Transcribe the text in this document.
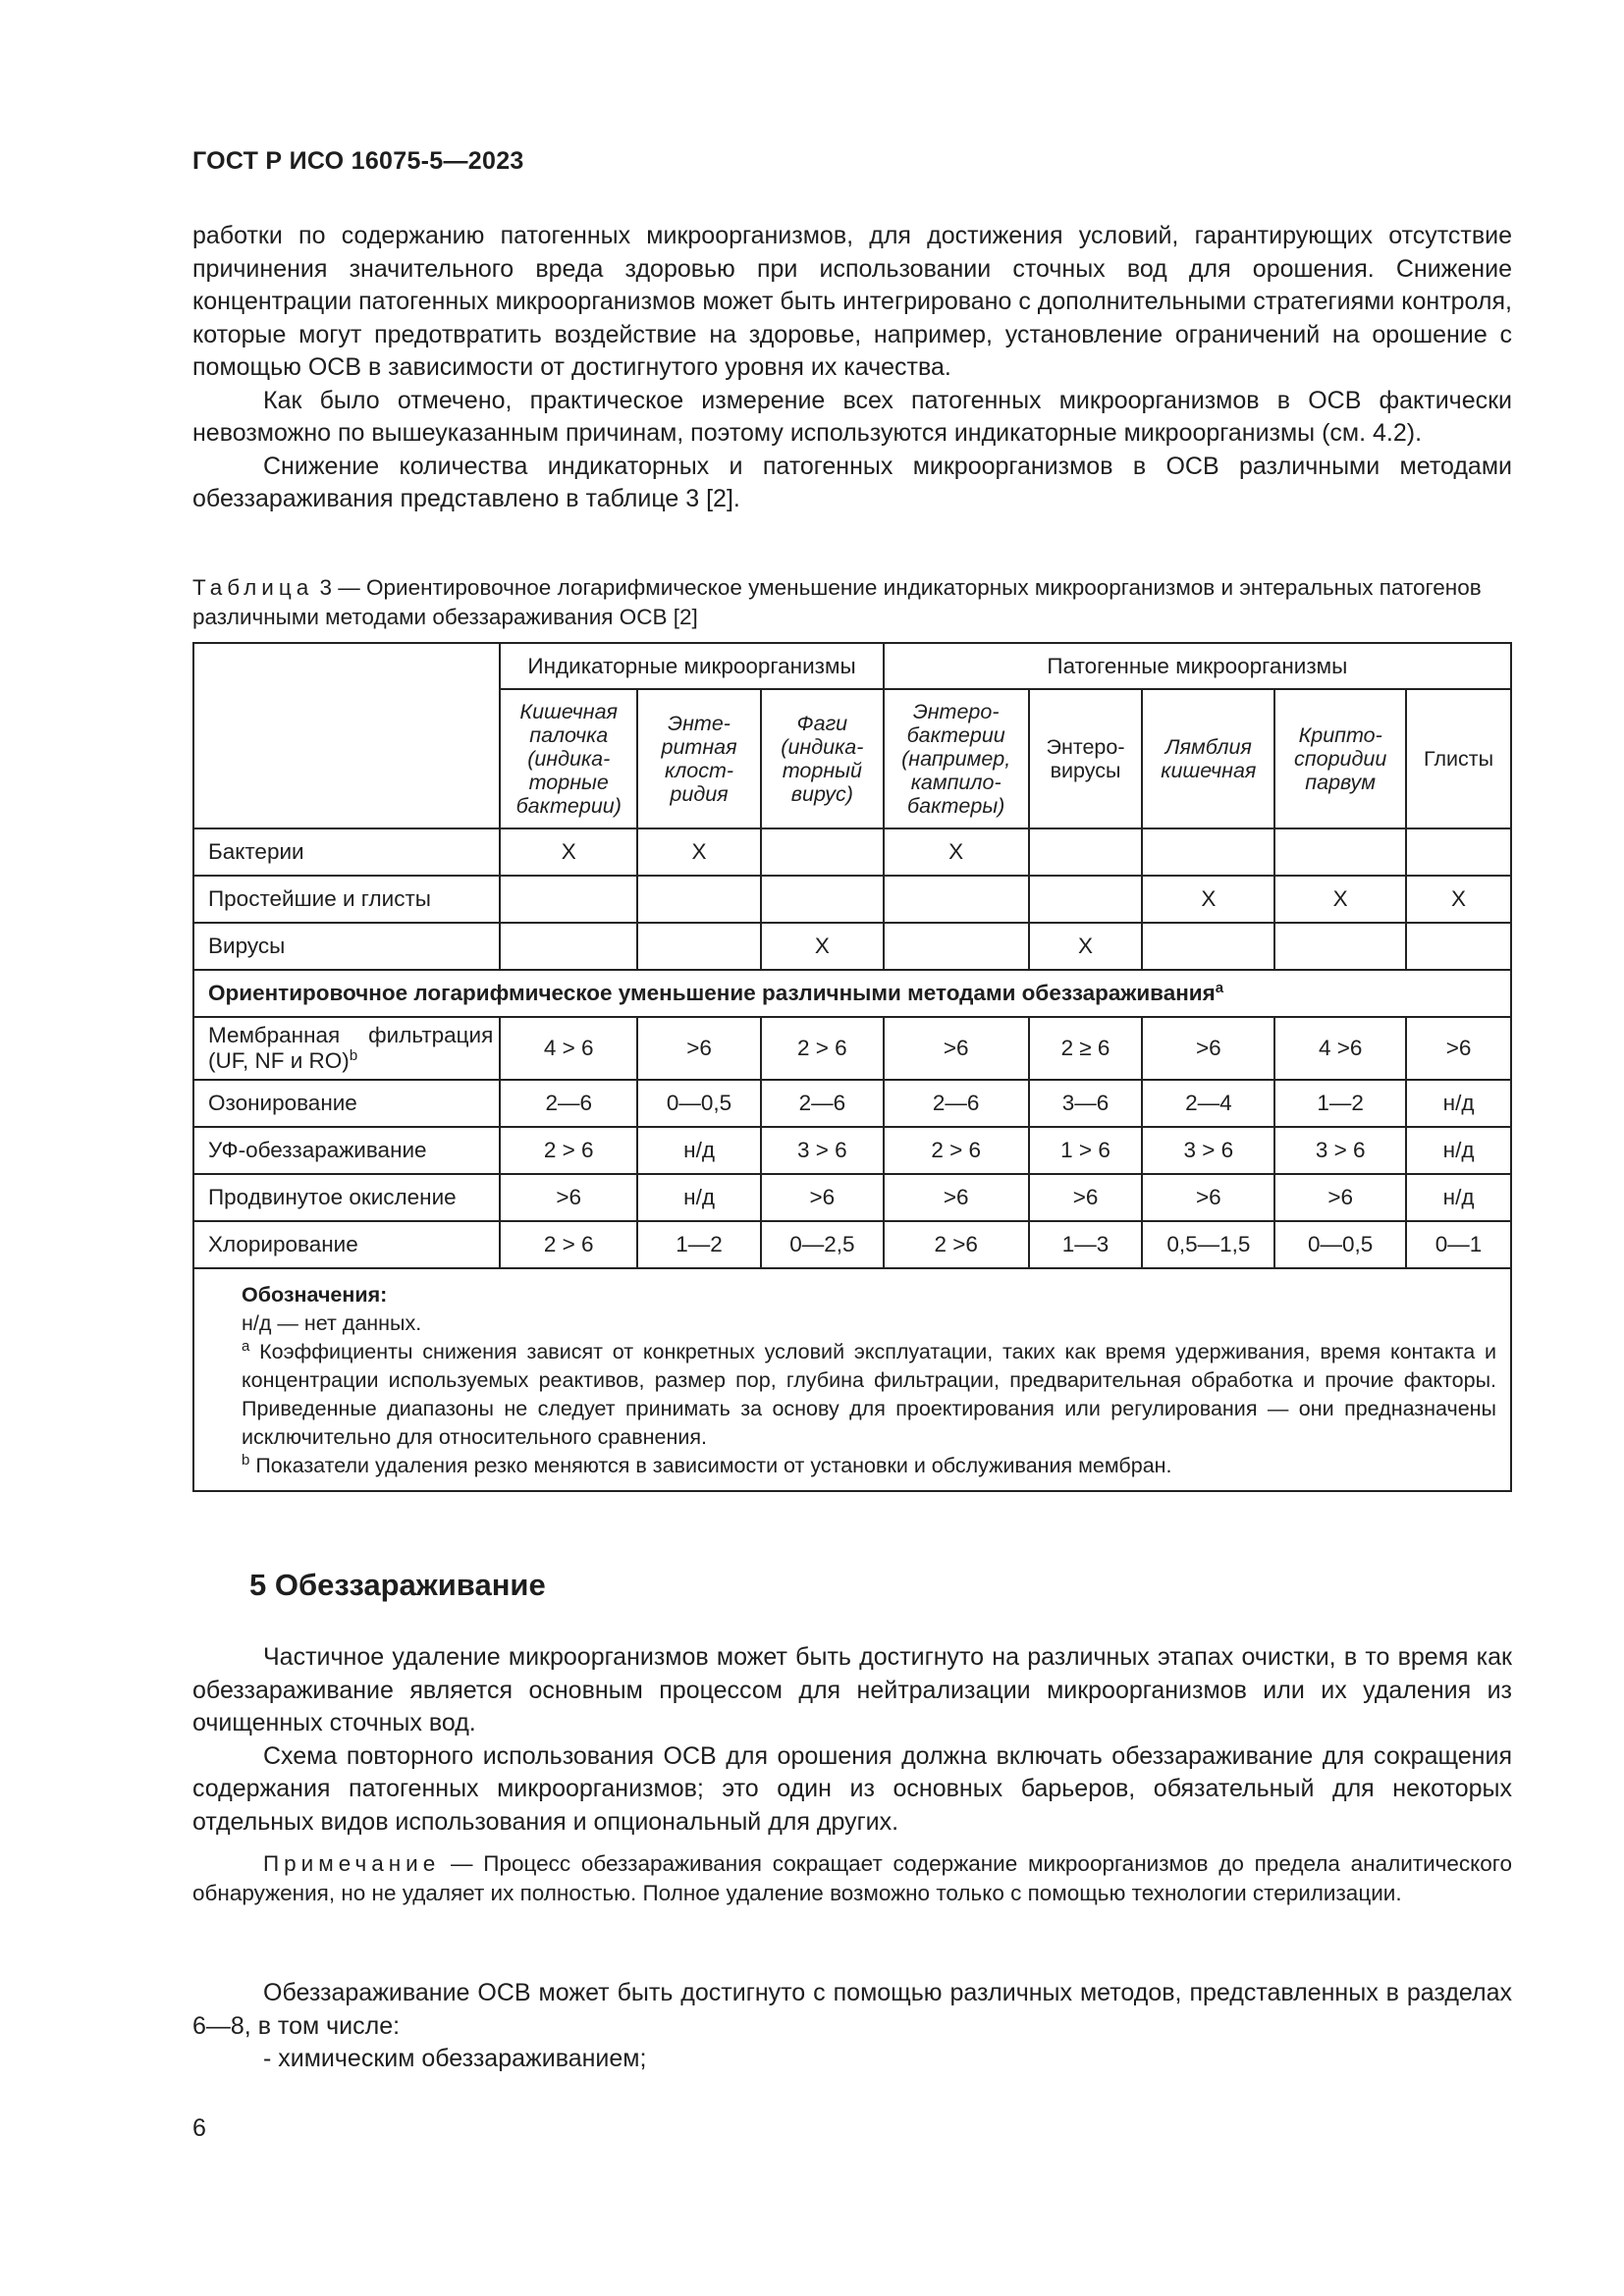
ГОСТ Р ИСО 16075-5—2023

работки по содержанию патогенных микроорганизмов, для достижения условий, гарантирующих отсутствие причинения значительного вреда здоровью при использовании сточных вод для орошения. Снижение концентрации патогенных микроорганизмов может быть интегрировано с дополнительными стратегиями контроля, которые могут предотвратить воздействие на здоровье, например, установление ограничений на орошение с помощью ОСВ в зависимости от достигнутого уровня их качества.

Как было отмечено, практическое измерение всех патогенных микроорганизмов в ОСВ фактически невозможно по вышеуказанным причинам, поэтому используются индикаторные микроорганизмы (см. 4.2).

Снижение количества индикаторных и патогенных микроорганизмов в ОСВ различными методами обеззараживания представлено в таблице 3 [2].

Таблица 3 — Ориентировочное логарифмическое уменьшение индикаторных микроорганизмов и энтеральных патогенов различными методами обеззараживания ОСВ [2]
	Индикаторные микроорганизмы			Патогенные микроорганизмы				
	Кишечная палочка (индикаторные бактерии)	Энтеритная клостридия	Фаги (индикаторный вирус)	Энтеробактерии (например, кампилобактеры)	Энтеровирусы	Лямблия кишечная	Криптоспоридии парвум	Глисты
Бактерии	X	X		X				
Простейшие и глисты						X	X	X
Вирусы			X		X			
Ориентировочное логарифмическое уменьшение различными методами обеззараживания$^a$
Мембранная фильтрация (UF, NF и RO)$^b$	4 > 6	>6	2 > 6	>6	2 ≥ 6	>6	4 >6	>6
Озонирование	2—6	0—0,5	2—6	2—6	3—6	2—4	1—2	н/д
УФ-обеззараживание	2 > 6	н/д	3 > 6	2 > 6	1 > 6	3 > 6	3 > 6	н/д
Продвинутое окисление	>6	н/д	>6	>6	>6	>6	>6	н/д
Хлорирование	2 > 6	1—2	0—2,5	2 >6	1—3	0,5—1,5	0—0,5	0—1

Обозначения:
н/д — нет данных.
$^a$ Коэффициенты снижения зависят от конкретных условий эксплуатации, таких как время удерживания, время контакта и концентрации используемых реактивов, размер пор, глубина фильтрации, предварительная обработка и прочие факторы. Приведенные диапазоны не следует принимать за основу для проектирования или регулирования — они предназначены исключительно для относительного сравнения.
$^b$ Показатели удаления резко меняются в зависимости от установки и обслуживания мембран.								
5 Обеззараживание

Частичное удаление микроорганизмов может быть достигнуто на различных этапах очистки, в то время как обеззараживание является основным процессом для нейтрализации микроорганизмов или их удаления из очищенных сточных вод.

Схема повторного использования ОСВ для орошения должна включать обеззараживание для сокращения содержания патогенных микроорганизмов; это один из основных барьеров, обязательный для некоторых отдельных видов использования и опциональный для других.

Примечание — Процесс обеззараживания сокращает содержание микроорганизмов до предела аналитического обнаружения, но не удаляет их полностью. Полное удаление возможно только с помощью технологии стерилизации.

Обеззараживание ОСВ может быть достигнуто с помощью различных методов, представленных в разделах 6—8, в том числе:

- химическим обеззараживанием;
6
